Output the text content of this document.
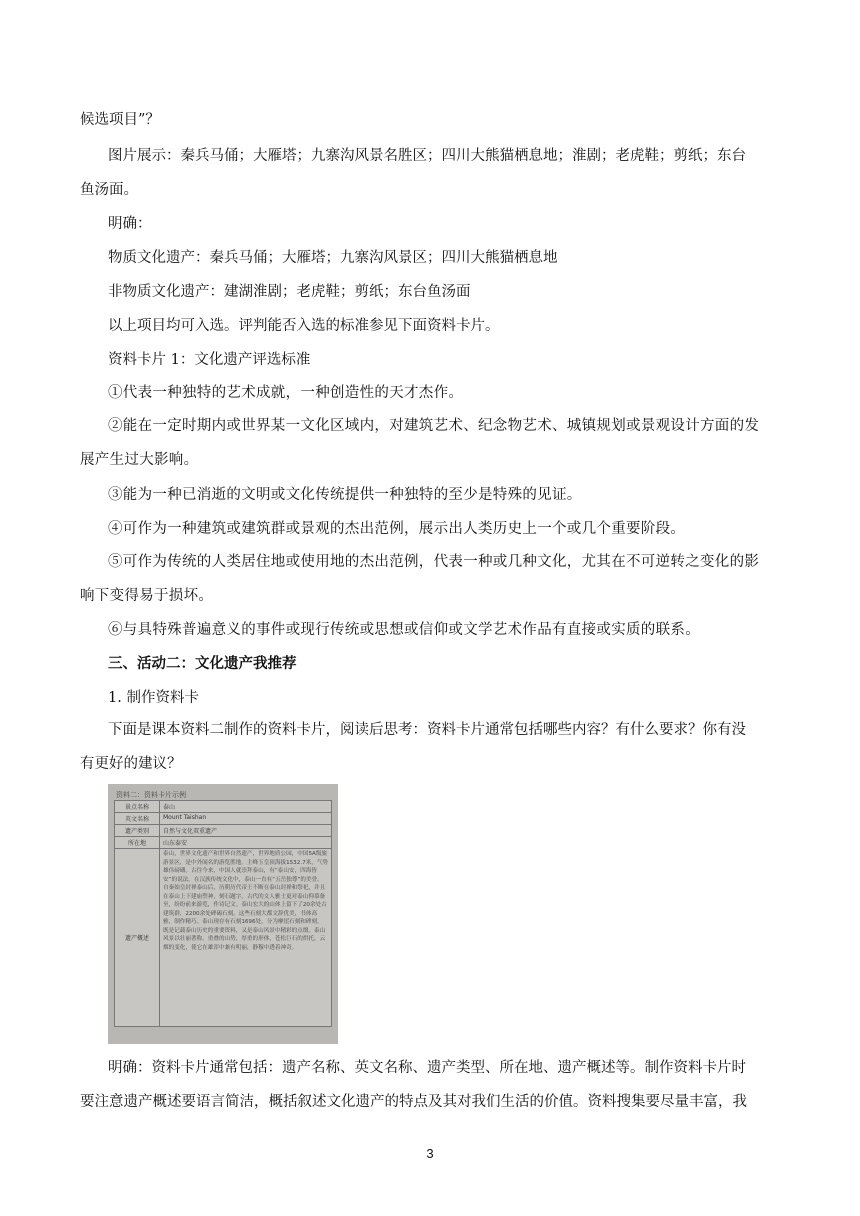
候选项目”？
图片展示：秦兵马俑；大雁塔；九寨沟风景名胜区；四川大熊猫栖息地；淮剧；老虎鞋；剪纸；东台
鱼汤面。
明确：
物质文化遗产：秦兵马俑；大雁塔；九寨沟风景区；四川大熊猫栖息地
非物质文化遗产：建湖淮剧；老虎鞋；剪纸；东台鱼汤面
以上项目均可入选。评判能否入选的标准参见下面资料卡片。
资料卡片 1：文化遗产评选标准
①代表一种独特的艺术成就，一种创造性的天才杰作。
②能在一定时期内或世界某一文化区域内，对建筑艺术、纪念物艺术、城镇规划或景观设计方面的发
展产生过大影响。
③能为一种已消逝的文明或文化传统提供一种独特的至少是特殊的见证。
④可作为一种建筑或建筑群或景观的杰出范例，展示出人类历史上一个或几个重要阶段。
⑤可作为传统的人类居住地或使用地的杰出范例，代表一种或几种文化，尤其在不可逆转之变化的影
响下变得易于损坏。
⑥与具特殊普遍意义的事件或现行传统或思想或信仰或文学艺术作品有直接或实质的联系。
三、活动二：文化遗产我推荐
1. 制作资料卡
下面是课本资料二制作的资料卡片，阅读后思考：资料卡片通常包括哪些内容？有什么要求？你有没
有更好的建议？
资料二：资料卡片示例
景点名称	泰山
英文名称	Mount Taishan
遗产类别	自然与文化双重遗产
所在地	山东泰安
遗产概述	泰山，世界文化遗产和世界自然遗产，世界地质公园，中国5A级旅游景区，是中外闻名的游览胜地。主峰玉皇顶海拔1532.7米，气势雄伟磅礴。古往今来，中国人就崇拜泰山，有“泰山安，四海皆安”的说法。在汉族传统文化中，泰山一直有“五岳独尊”的美誉。自秦始皇封禅泰山后，历朝历代帝王不断在泰山封禅和祭祀，并且在泰山上下建庙塑神，刻石题字。古代的文人雅士更对泰山仰慕备至，纷纷前来游览，作诗记文。泰山宏大的山体上留下了20余处古建筑群，2200余处碑碣石刻。这些石刻大都文辞优美，书体高雅，制作精巧。泰山现存有石刻1696处，分为摩崖石刻和碑刻，既是记载泰山历史的重要资料，又是泰山风景中精彩的点缀。泰山风景以壮丽著称。重叠的山势，厚重的形体，苍松巨石的烘托，云烟的变化，使它在雄浑中兼有明丽，静穆中透着神奇。
明确：资料卡片通常包括：遗产名称、英文名称、遗产类型、所在地、遗产概述等。制作资料卡片时
要注意遗产概述要语言简洁，概括叙述文化遗产的特点及其对我们生活的价值。资料搜集要尽量丰富，我
3
